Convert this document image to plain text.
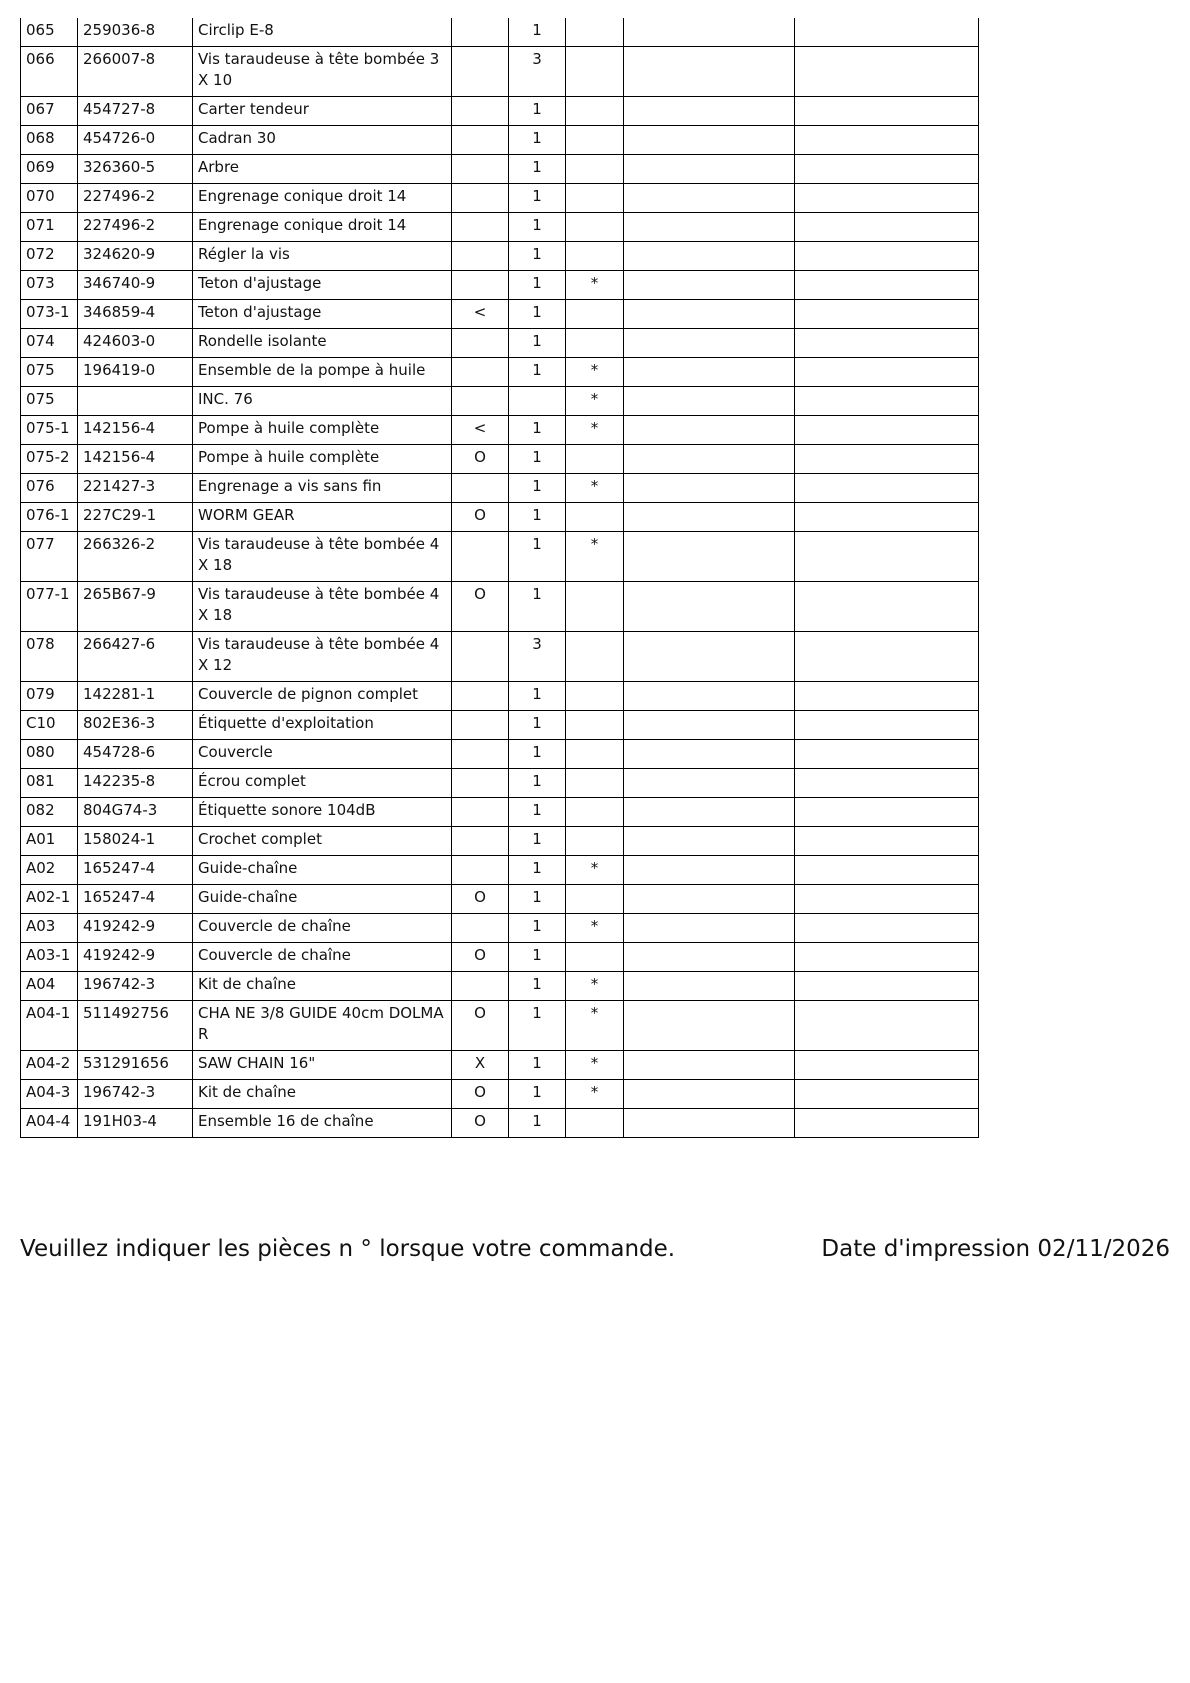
065	259036-8	Circlip E-8		1			
066	266007-8	Vis taraudeuse à tête bombée 3X 10		3			
067	454727-8	Carter tendeur		1			
068	454726-0	Cadran 30		1			
069	326360-5	Arbre		1			
070	227496-2	Engrenage conique droit 14		1			
071	227496-2	Engrenage conique droit 14		1			
072	324620-9	Régler la vis		1			
073	346740-9	Teton d'ajustage		1	*		
073-1	346859-4	Teton d'ajustage	<	1			
074	424603-0	Rondelle isolante		1			
075	196419-0	Ensemble de la pompe à huile		1	*		
075		INC. 76			*		
075-1	142156-4	Pompe à huile complète	<	1	*		
075-2	142156-4	Pompe à huile complète	O	1			
076	221427-3	Engrenage a vis sans fin		1	*		
076-1	227C29-1	WORM GEAR	O	1			
077	266326-2	Vis taraudeuse à tête bombée 4X 18		1	*		
077-1	265B67-9	Vis taraudeuse à tête bombée 4X 18	O	1			
078	266427-6	Vis taraudeuse à tête bombée 4X 12		3			
079	142281-1	Couvercle de pignon complet		1			
C10	802E36-3	Étiquette d'exploitation		1			
080	454728-6	Couvercle		1			
081	142235-8	Écrou complet		1			
082	804G74-3	Étiquette sonore 104dB		1			
A01	158024-1	Crochet complet		1			
A02	165247-4	Guide-chaîne		1	*		
A02-1	165247-4	Guide-chaîne	O	1			
A03	419242-9	Couvercle de chaîne		1	*		
A03-1	419242-9	Couvercle de chaîne	O	1			
A04	196742-3	Kit de chaîne		1	*		
A04-1	511492756	CHA NE 3/8 GUIDE 40cm DOLMA R	O	1	*		
A04-2	531291656	SAW CHAIN 16"	X	1	*		
A04-3	196742-3	Kit de chaîne	O	1	*		
A04-4	191H03-4	Ensemble 16 de chaîne	O	1			
Veuillez indiquer les pièces n ° lorsque votre commande.	Date d'impression 02/11/2026
